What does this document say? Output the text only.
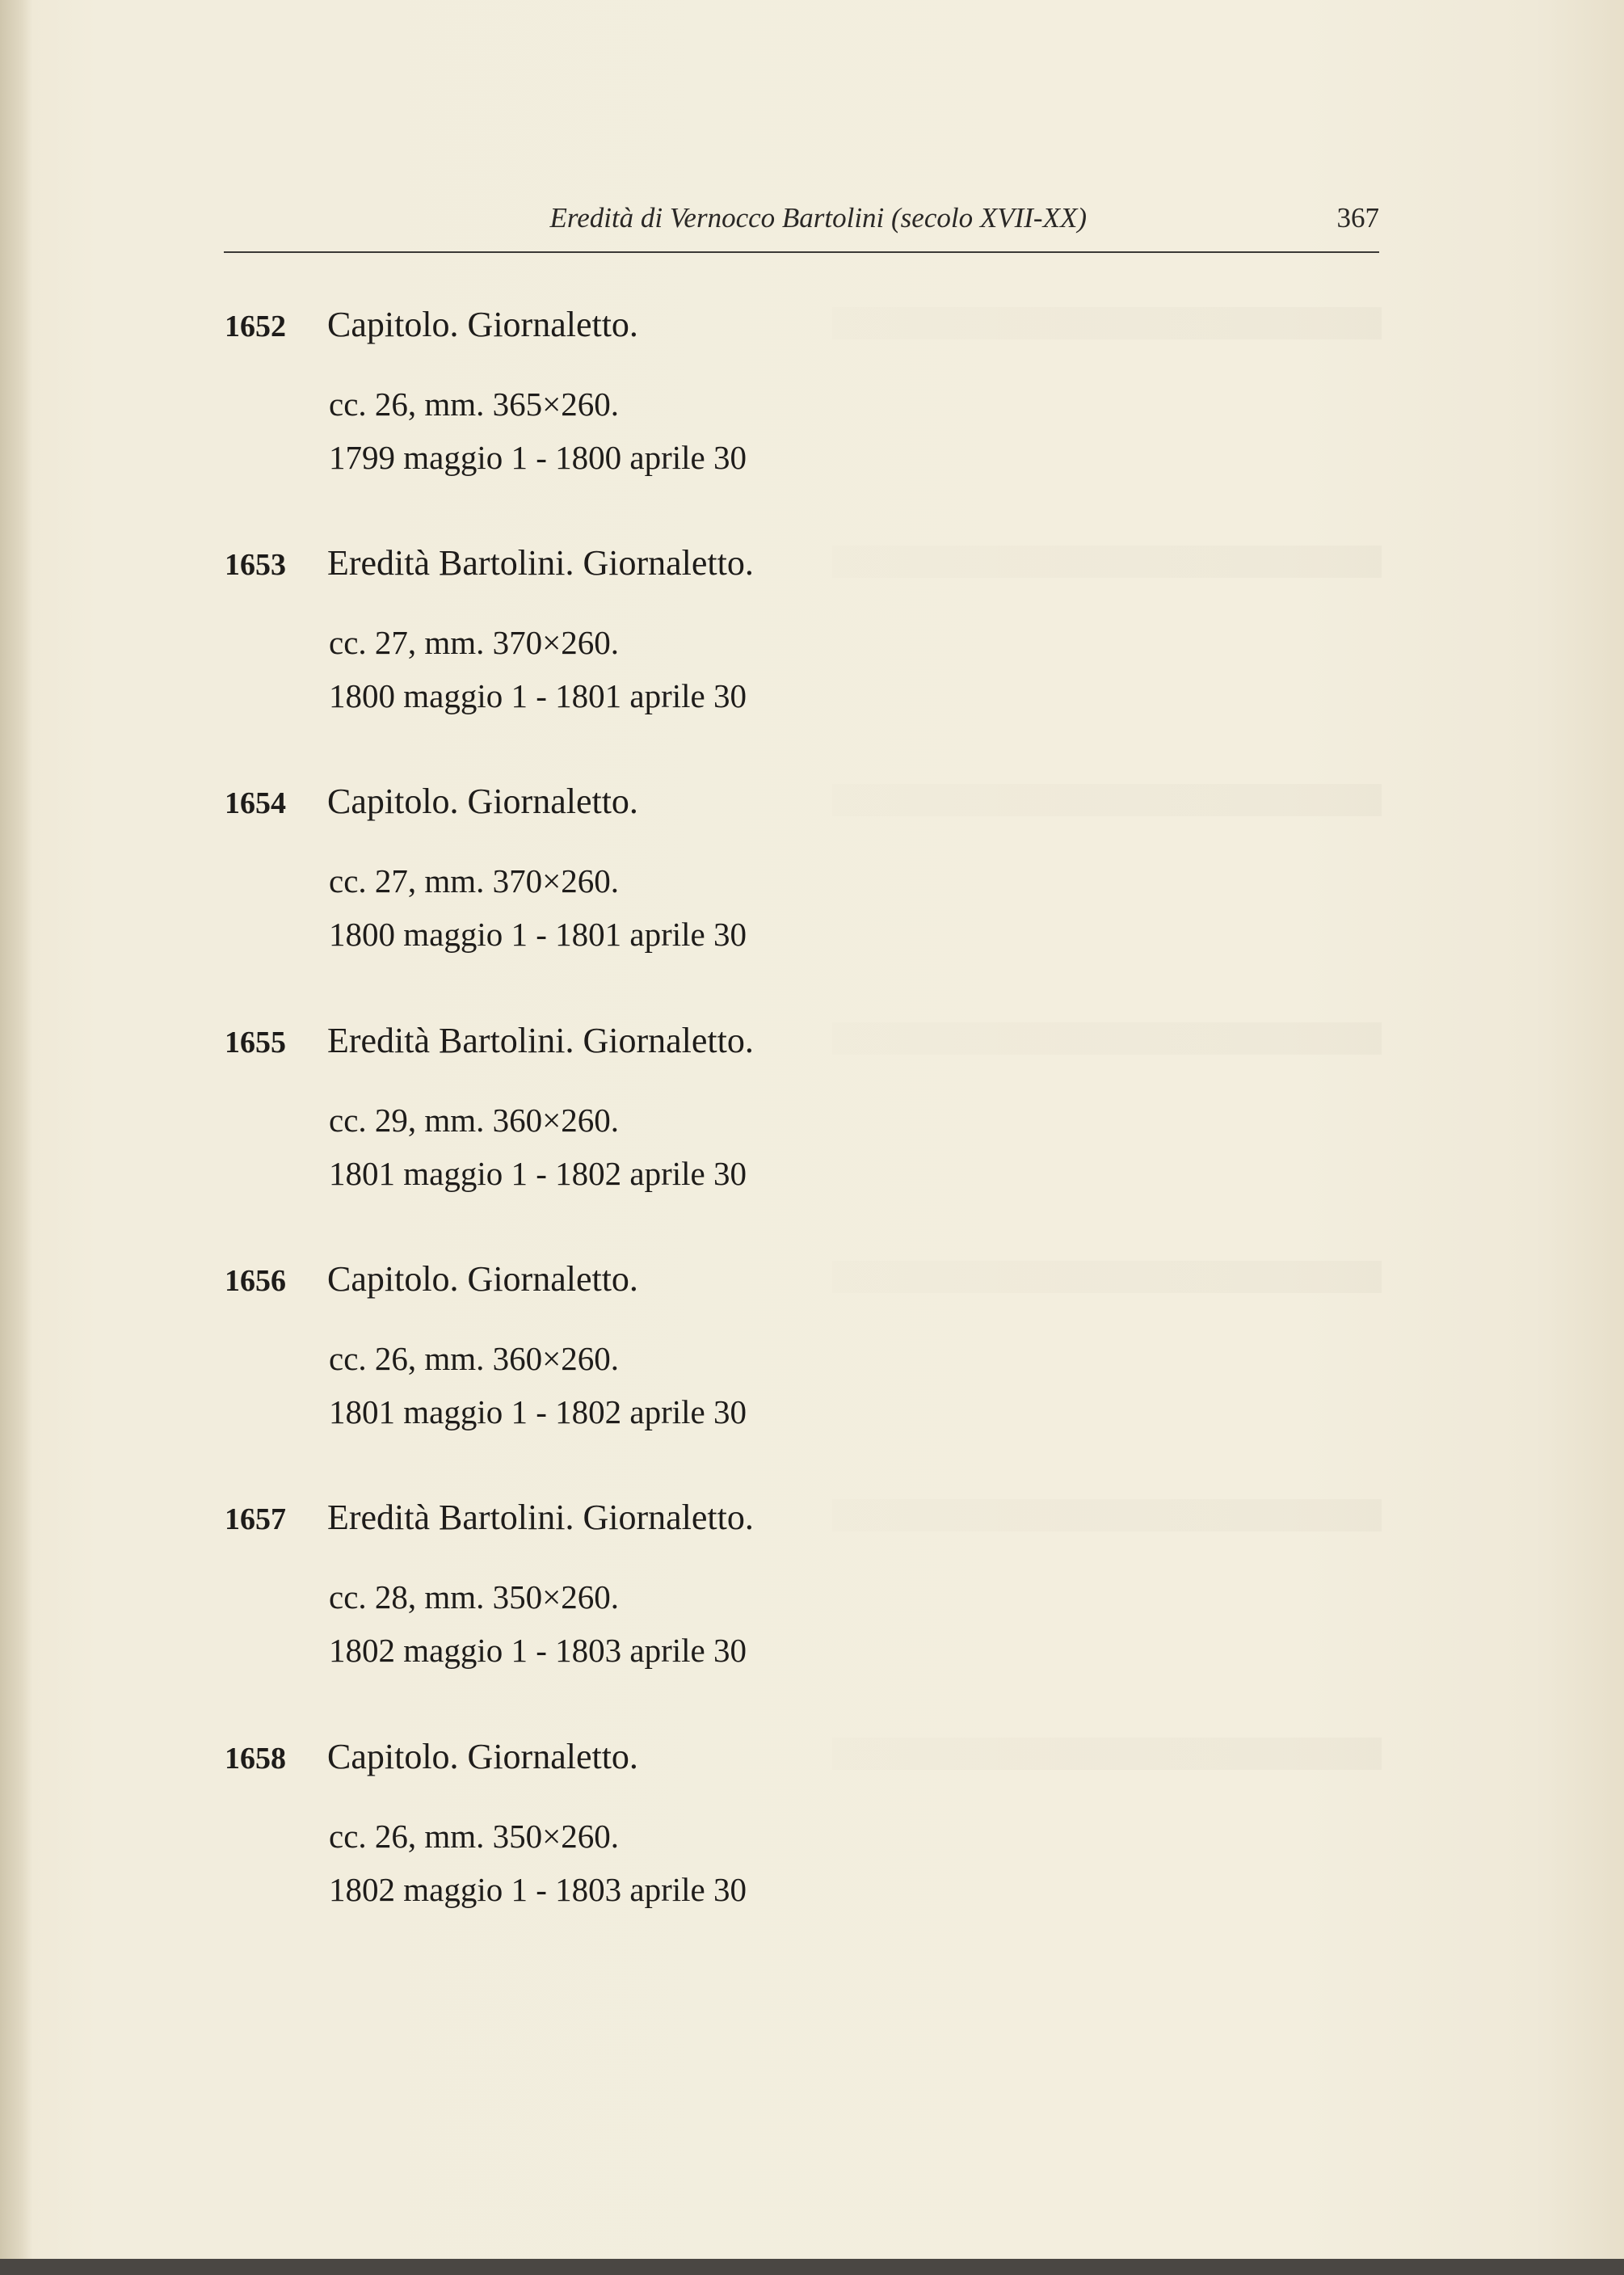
Eredità di Vernocco Bartolini (secolo XVII-XX)	367
1652 Capitolo. Giornaletto.
cc. 26, mm. 365×260.
1799 maggio 1 - 1800 aprile 30
1653 Eredità Bartolini. Giornaletto.
cc. 27, mm. 370×260.
1800 maggio 1 - 1801 aprile 30
1654 Capitolo. Giornaletto.
cc. 27, mm. 370×260.
1800 maggio 1 - 1801 aprile 30
1655 Eredità Bartolini. Giornaletto.
cc. 29, mm. 360×260.
1801 maggio 1 - 1802 aprile 30
1656 Capitolo. Giornaletto.
cc. 26, mm. 360×260.
1801 maggio 1 - 1802 aprile 30
1657 Eredità Bartolini. Giornaletto.
cc. 28, mm. 350×260.
1802 maggio 1 - 1803 aprile 30
1658 Capitolo. Giornaletto.
cc. 26, mm. 350×260.
1802 maggio 1 - 1803 aprile 30
